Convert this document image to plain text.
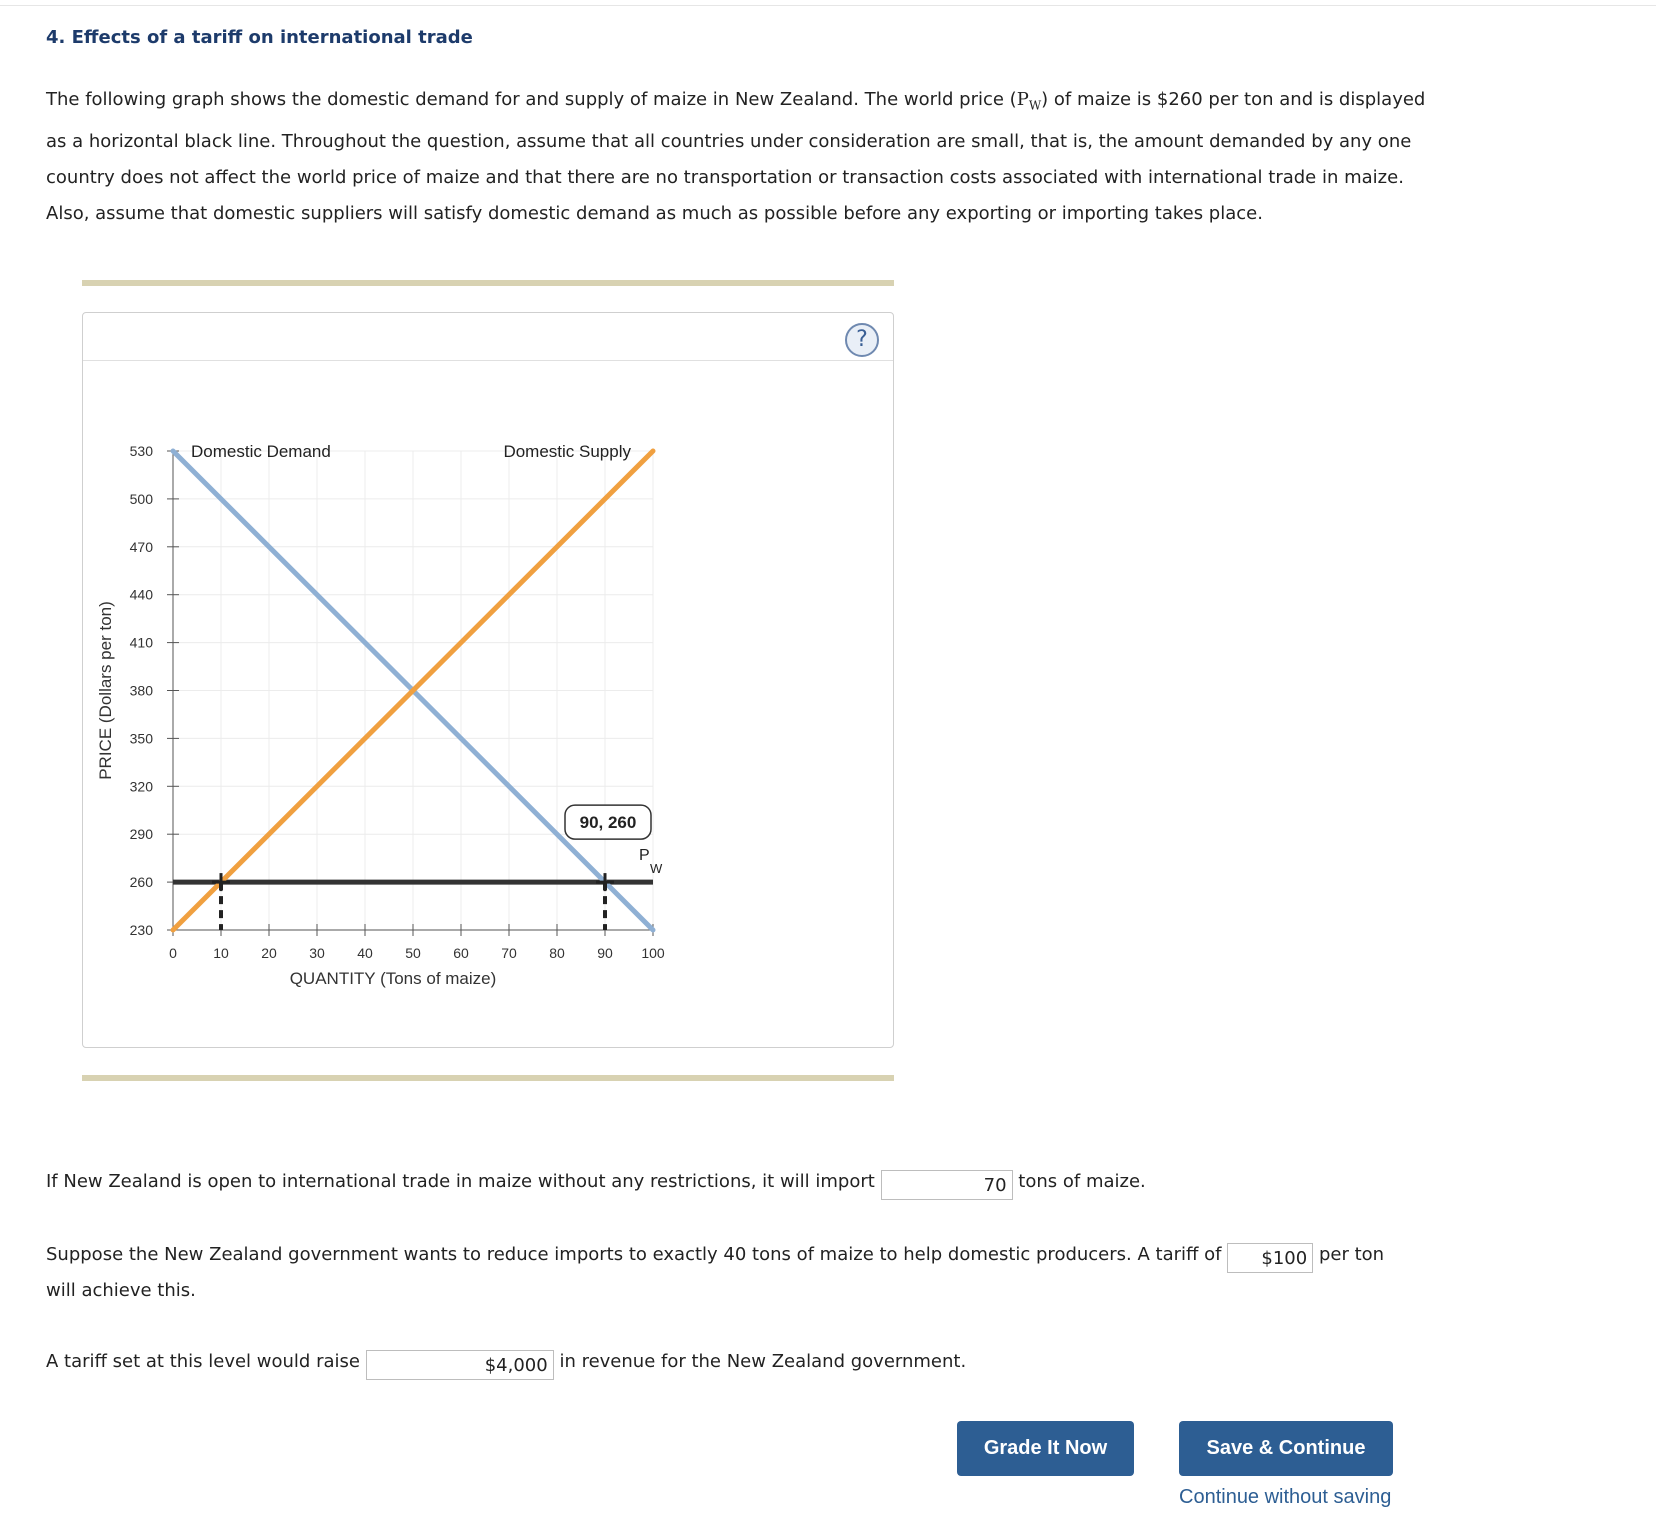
4. Effects of a tariff on international trade

The following graph shows the domestic demand for and supply of maize in New Zealand. The world price $(P_W)$ of maize is $260 per ton and is displayed as a horizontal black line. Throughout the question, assume that all countries under consideration are small, that is, the amount demanded by any one country does not affect the world price of maize and that there are no transportation or transaction costs associated with international trade in maize. Also, assume that domestic suppliers will satisfy domestic demand as much as possible before any exporting or importing takes place.

?
230
260
290
320
350
380
410
440
470
500
530
0	10 20 30 40 50 60 70 80 90 100
QUANTITY (Tons of maize)
PRICE (Dollars per ton)
Domestic Demand	Domestic Supply
P
W
90, 260

If New Zealand is open to international trade in maize without any restrictions, it will import	70 tons of maize.

Suppose the New Zealand government wants to reduce imports to exactly 40 tons of maize to help domestic producers. A tariff of $100 per ton
will achieve this.

A tariff set at this level would raise	$4,000 in revenue for the New Zealand government.

Grade It Now	Save & Continue
Continue without saving
